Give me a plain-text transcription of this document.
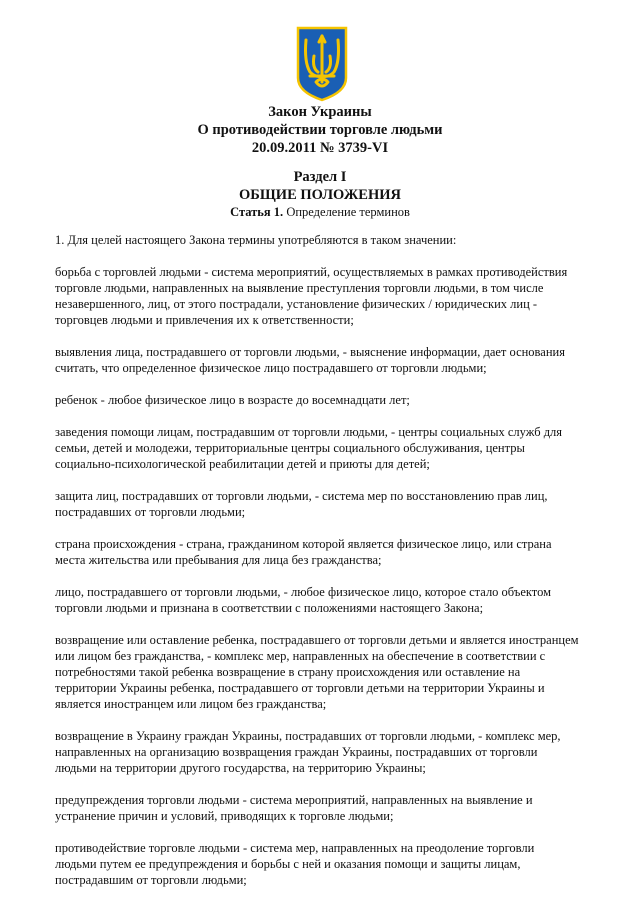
Закон Украины
О противодействии торговле людьми
20.09.2011 № 3739-VI
Раздел I
ОБЩИЕ ПОЛОЖЕНИЯ
Статья 1. Определение терминов
1. Для целей настоящего Закона термины употребляются в таком значении:
борьба с торговлей людьми - система мероприятий, осуществляемых в рамках противодействия
торговле людьми, направленных на выявление преступления торговли людьми, в том числе
незавершенного, лиц, от этого пострадали, установление физических / юридических лиц -
торговцев людьми и привлечения их к ответственности;
выявления лица, пострадавшего от торговли людьми, - выяснение информации, дает основания
считать, что определенное физическое лицо пострадавшего от торговли людьми;
ребенок - любое физическое лицо в возрасте до восемнадцати лет;
заведения помощи лицам, пострадавшим от торговли людьми, - центры социальных служб для
семьи, детей и молодежи, территориальные центры социального обслуживания, центры
социально-психологической реабилитации детей и приюты для детей;
защита лиц, пострадавших от торговли людьми, - система мер по восстановлению прав лиц,
пострадавших от торговли людьми;
страна происхождения - страна, гражданином которой является физическое лицо, или страна
места жительства или пребывания для лица без гражданства;
лицо, пострадавшего от торговли людьми, - любое физическое лицо, которое стало объектом
торговли людьми и признана в соответствии с положениями настоящего Закона;
возвращение или оставление ребенка, пострадавшего от торговли детьми и является иностранцем
или лицом без гражданства, - комплекс мер, направленных на обеспечение в соответствии с
потребностями такой ребенка возвращение в страну происхождения или оставление на
территории Украины ребенка, пострадавшего от торговли детьми на территории Украины и
является иностранцем или лицом без гражданства;
возвращение в Украину граждан Украины, пострадавших от торговли людьми, - комплекс мер,
направленных на организацию возвращения граждан Украины, пострадавших от торговли
людьми на территории другого государства, на территорию Украины;
предупреждения торговли людьми - система мероприятий, направленных на выявление и
устранение причин и условий, приводящих к торговле людьми;
противодействие торговле людьми - система мер, направленных на преодоление торговли
людьми путем ее предупреждения и борьбы с ней и оказания помощи и защиты лицам,
пострадавшим от торговли людьми;
